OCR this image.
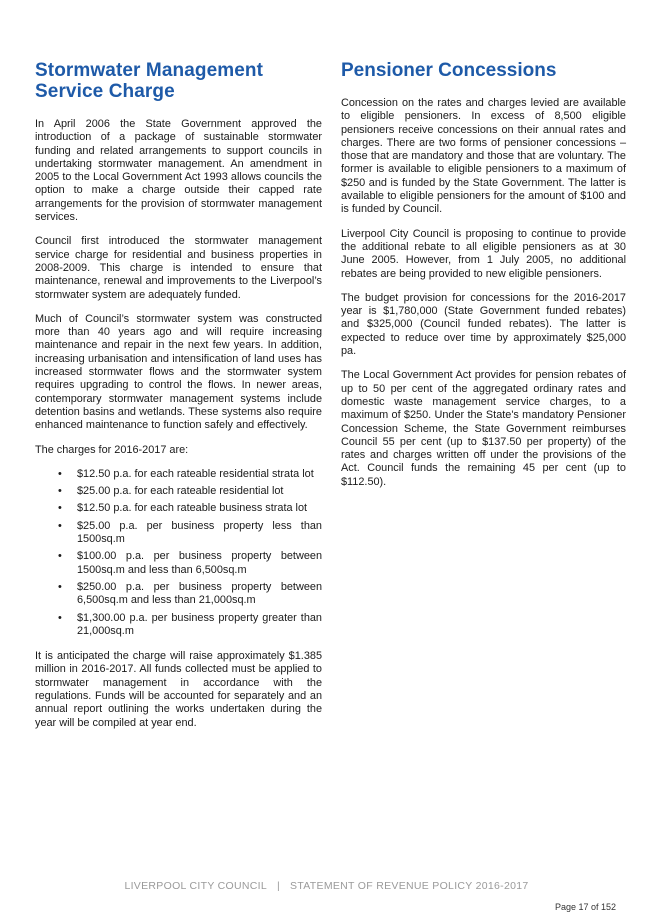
Stormwater Management Service Charge

In April 2006 the State Government approved the introduction of a package of sustainable stormwater funding and related arrangements to support councils in undertaking stormwater management. An amendment in 2005 to the Local Government Act 1993 allows councils the option to make a charge outside their capped rate arrangements for the provision of stormwater management services.

Council first introduced the stormwater management service charge for residential and business properties in 2008-2009. This charge is intended to ensure that maintenance, renewal and improvements to the Liverpool’s stormwater system are adequately funded.

Much of Council’s stormwater system was constructed more than 40 years ago and will require increasing maintenance and repair in the next few years. In addition, increasing urbanisation and intensification of land uses has increased stormwater flows and the stormwater system requires upgrading to control the flows. In newer areas, contemporary stormwater management systems include detention basins and wetlands. These systems also require enhanced maintenance to function safely and effectively.

The charges for 2016-2017 are:

• $12.50 p.a. for each rateable residential strata lot
• $25.00 p.a. for each rateable residential lot
• $12.50 p.a. for each rateable business strata lot
• $25.00 p.a. per business property less than 1500sq.m
• $100.00 p.a. per business property between 1500sq.m and less than 6,500sq.m
• $250.00 p.a. per business property between 6,500sq.m and less than 21,000sq.m
• $1,300.00 p.a. per business property greater than 21,000sq.m

It is anticipated the charge will raise approximately $1.385 million in 2016-2017. All funds collected must be applied to stormwater management in accordance with the regulations. Funds will be accounted for separately and an annual report outlining the works undertaken during the year will be compiled at year end.

Pensioner Concessions

Concession on the rates and charges levied are available to eligible pensioners. In excess of 8,500 eligible pensioners receive concessions on their annual rates and charges. There are two forms of pensioner concessions – those that are mandatory and those that are voluntary. The former is available to eligible pensioners to a maximum of $250 and is funded by the State Government. The latter is available to eligible pensioners for the amount of $100 and is funded by Council.

Liverpool City Council is proposing to continue to provide the additional rebate to all eligible pensioners as at 30 June 2005. However, from 1 July 2005, no additional rebates are being provided to new eligible pensioners.

The budget provision for concessions for the 2016-2017 year is $1,780,000 (State Government funded rebates) and $325,000 (Council funded rebates). The latter is expected to reduce over time by approximately $25,000 pa.

The Local Government Act provides for pension rebates of up to 50 per cent of the aggregated ordinary rates and domestic waste management service charges, to a maximum of $250. Under the State's mandatory Pensioner Concession Scheme, the State Government reimburses Council 55 per cent (up to $137.50 per property) of the rates and charges written off under the provisions of the Act. Council funds the remaining 45 per cent (up to $112.50).

LIVERPOOL CITY COUNCIL | STATEMENT OF REVENUE POLICY 2016-2017
Page 17 of 152
